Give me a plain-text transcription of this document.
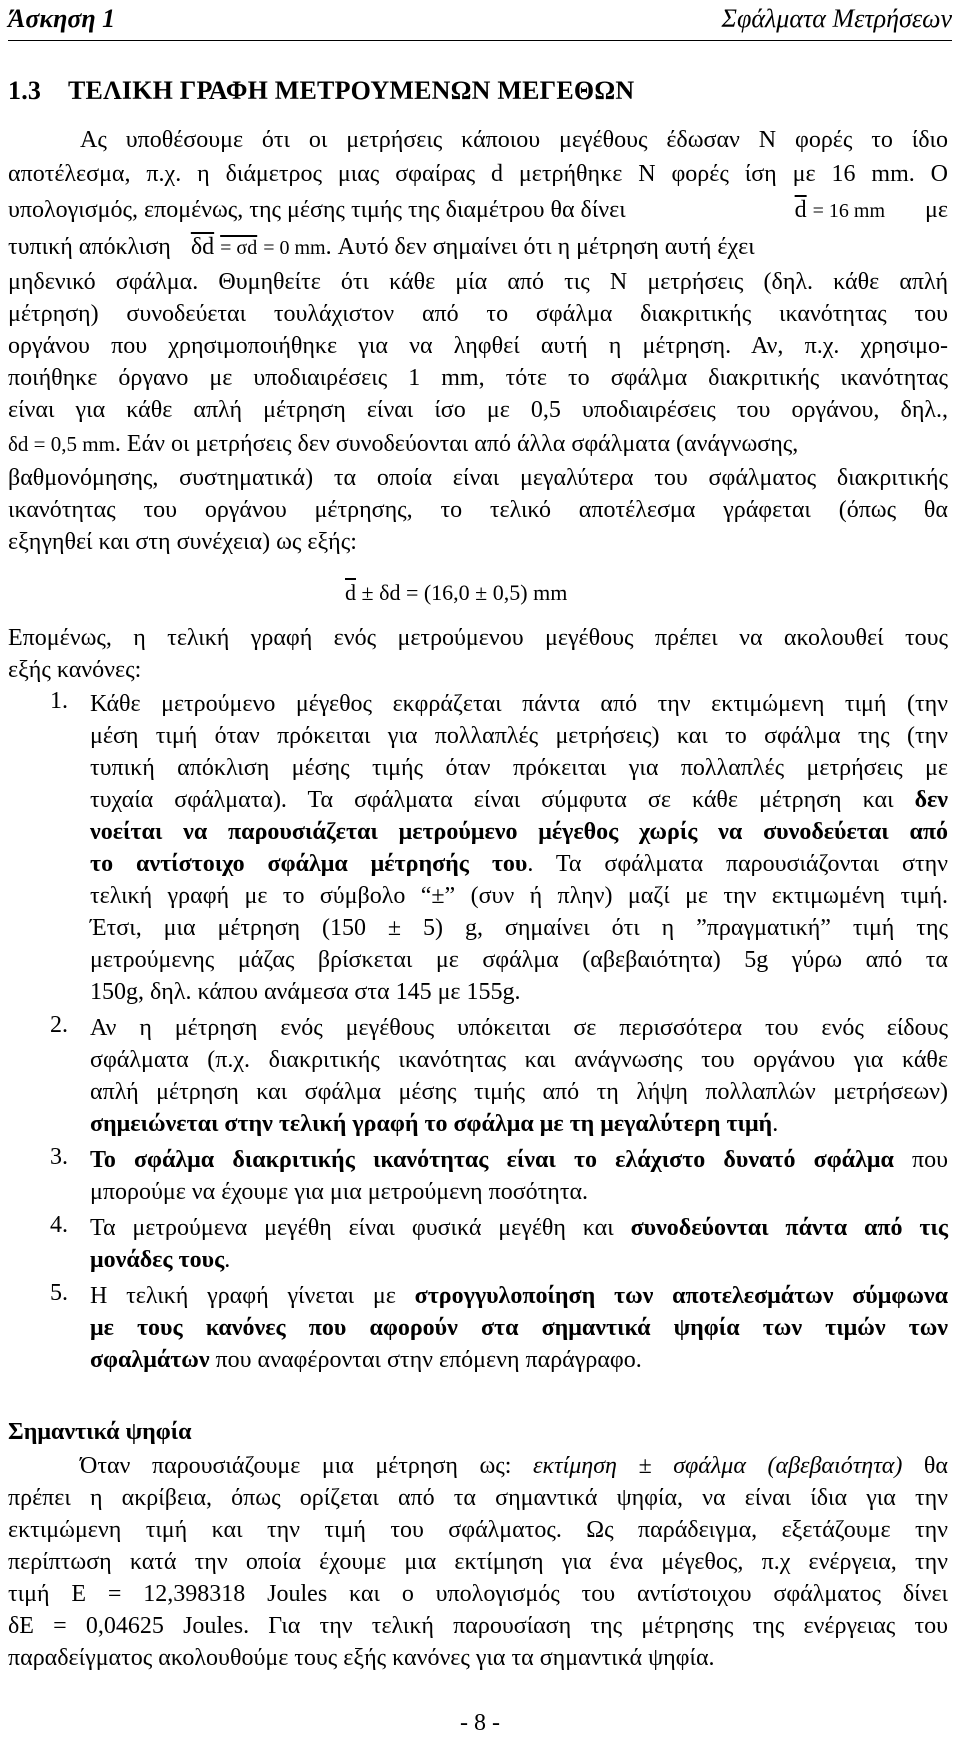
Άσκηση 1	Σφάλματα Μετρήσεων
1.3 ΤΕΛΙΚΗ ΓΡΑΦΗ ΜΕΤΡΟΥΜΕΝΩΝ ΜΕΓΕΘΩΝ
Ας υποθέσουμε ότι οι μετρήσεις κάποιου μεγέθους έδωσαν N φορές το ίδιο
αποτέλεσμα, π.χ. η διάμετρος μιας σφαίρας d μετρήθηκε N φορές ίση με 16 mm. Ο
υπολογισμός, επομένως, της μέσης τιμής της διαμέτρου θα δίνει	$\overline{d} = 16$ mm με
τυπική απόκλιση $\overline{\delta d} = \sigma d = 0$ mm. Αυτό δεν σημαίνει ότι η μέτρηση αυτή έχει
μηδενικό σφάλμα. Θυμηθείτε ότι κάθε μία από τις N μετρήσεις (δηλ. κάθε απλή
μέτρηση) συνοδεύεται τουλάχιστον από το σφάλμα διακριτικής ικανότητας του
οργάνου που χρησιμοποιήθηκε για να ληφθεί αυτή η μέτρηση. Αν, π.χ. χρησιμο-
ποιήθηκε όργανο με υποδιαιρέσεις 1 mm, τότε το σφάλμα διακριτικής ικανότητας
είναι για κάθε απλή μέτρηση είναι ίσο με 0,5 υποδιαιρέσεις του οργάνου, δηλ.,
δd = 0,5 mm. Εάν οι μετρήσεις δεν συνοδεύονται από άλλα σφάλματα (ανάγνωσης,
βαθμονόμησης, συστηματικά) τα οποία είναι μεγαλύτερα του σφάλματος διακριτικής
ικανότητας του οργάνου μέτρησης, το τελικό αποτέλεσμα γράφεται (όπως θα
εξηγηθεί και στη συνέχεια) ως εξής:
$\overline{d} \pm \delta d = (16,0 \pm 0,5)$ mm
Επομένως, η τελική γραφή ενός μετρούμενου μεγέθους πρέπει να ακολουθεί τους
εξής κανόνες:
1. Κάθε μετρούμενο μέγεθος εκφράζεται πάντα από την εκτιμώμενη τιμή (την
μέση τιμή όταν πρόκειται για πολλαπλές μετρήσεις) και το σφάλμα της (την
τυπική απόκλιση μέσης τιμής όταν πρόκειται για πολλαπλές μετρήσεις με
τυχαία σφάλματα). Τα σφάλματα είναι σύμφυτα σε κάθε μέτρηση και δεν
νοείται να παρουσιάζεται μετρούμενο μέγεθος χωρίς να συνοδεύεται από
το αντίστοιχο σφάλμα μέτρησής του. Τα σφάλματα παρουσιάζονται στην
τελική γραφή με το σύμβολο “±” (συν ή πλην) μαζί με την εκτιμωμένη τιμή.
Έτσι, μια μέτρηση (150 ± 5) g, σημαίνει ότι η ”πραγματική” τιμή της
μετρούμενης μάζας βρίσκεται με σφάλμα (αβεβαιότητα) 5g γύρω από τα
150g, δηλ. κάπου ανάμεσα στα 145 με 155g.
2. Αν η μέτρηση ενός μεγέθους υπόκειται σε περισσότερα του ενός είδους
σφάλματα (π.χ. διακριτικής ικανότητας και ανάγνωσης του οργάνου για κάθε
απλή μέτρηση και σφάλμα μέσης τιμής από τη λήψη πολλαπλών μετρήσεων)
σημειώνεται στην τελική γραφή το σφάλμα με τη μεγαλύτερη τιμή.
3. Το σφάλμα διακριτικής ικανότητας είναι το ελάχιστο δυνατό σφάλμα που
μπορούμε να έχουμε για μια μετρούμενη ποσότητα.
4. Τα μετρούμενα μεγέθη είναι φυσικά μεγέθη και συνοδεύονται πάντα από τις
μονάδες τους.
5. Η τελική γραφή γίνεται με στρογγυλοποίηση των αποτελεσμάτων σύμφωνα
με τους κανόνες που αφορούν στα σημαντικά ψηφία των τιμών των
σφαλμάτων που αναφέρονται στην επόμενη παράγραφο.
Σημαντικά ψηφία
Όταν παρουσιάζουμε μια μέτρηση ως: εκτίμηση ± σφάλμα (αβεβαιότητα) θα
πρέπει η ακρίβεια, όπως ορίζεται από τα σημαντικά ψηφία, να είναι ίδια για την
εκτιμώμενη τιμή και την τιμή του σφάλματος. Ως παράδειγμα, εξετάζουμε την
περίπτωση κατά την οποία έχουμε μια εκτίμηση για ένα μέγεθος, π.χ ενέργεια, την
τιμή E = 12,398318 Joules και ο υπολογισμός του αντίστοιχου σφάλματος δίνει
δE = 0,04625 Joules. Για την τελική παρουσίαση της μέτρησης της ενέργειας του
παραδείγματος ακολουθούμε τους εξής κανόνες για τα σημαντικά ψηφία.
- 8 -
